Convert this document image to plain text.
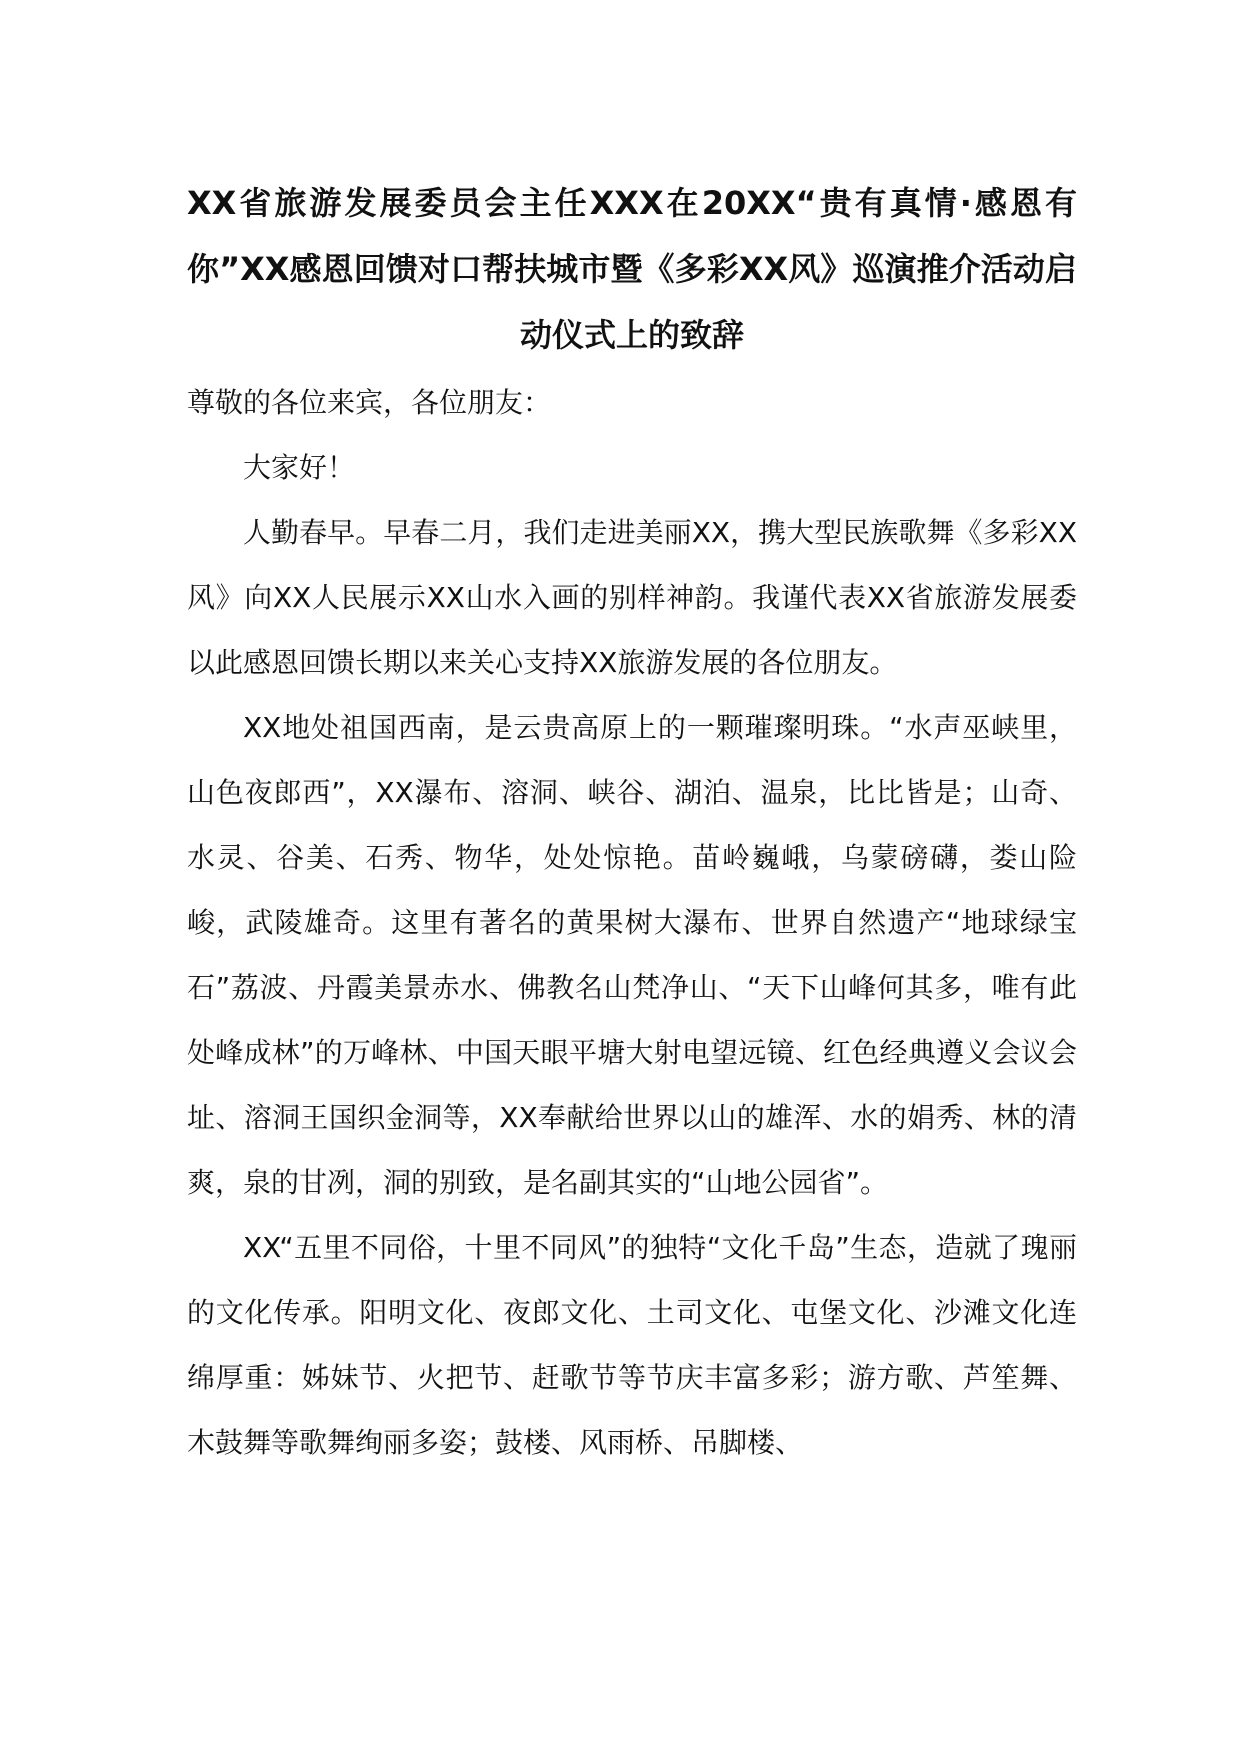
XX省旅游发展委员会主任XXX在20XX“贵有真情·感恩有你”XX感恩回馈对口帮扶城市暨《多彩XX风》巡演推介活动启动仪式上的致辞

尊敬的各位来宾，各位朋友：

大家好！

人勤春早。早春二月，我们走进美丽XX，携大型民族歌舞《多彩XX风》向XX人民展示XX山水入画的别样神韵。我谨代表XX省旅游发展委以此感恩回馈长期以来关心支持XX旅游发展的各位朋友。

XX地处祖国西南，是云贵高原上的一颗璀璨明珠。“水声巫峡里，山色夜郎西”，XX瀑布、溶洞、峡谷、湖泊、温泉，比比皆是；山奇、水灵、谷美、石秀、物华，处处惊艳。苗岭巍峨，乌蒙磅礴，娄山险峻，武陵雄奇。这里有著名的黄果树大瀑布、世界自然遗产“地球绿宝石”荔波、丹霞美景赤水、佛教名山梵净山、“天下山峰何其多，唯有此处峰成林”的万峰林、中国天眼平塘大射电望远镜、红色经典遵义会议会址、溶洞王国织金洞等，XX奉献给世界以山的雄浑、水的娟秀、林的清爽，泉的甘冽，洞的别致，是名副其实的“山地公园省”。

XX“五里不同俗，十里不同风”的独特“文化千岛”生态，造就了瑰丽的文化传承。阳明文化、夜郎文化、土司文化、屯堡文化、沙滩文化连绵厚重：姊妹节、火把节、赶歌节等节庆丰富多彩；游方歌、芦笙舞、木鼓舞等歌舞绚丽多姿；鼓楼、风雨桥、吊脚楼、
